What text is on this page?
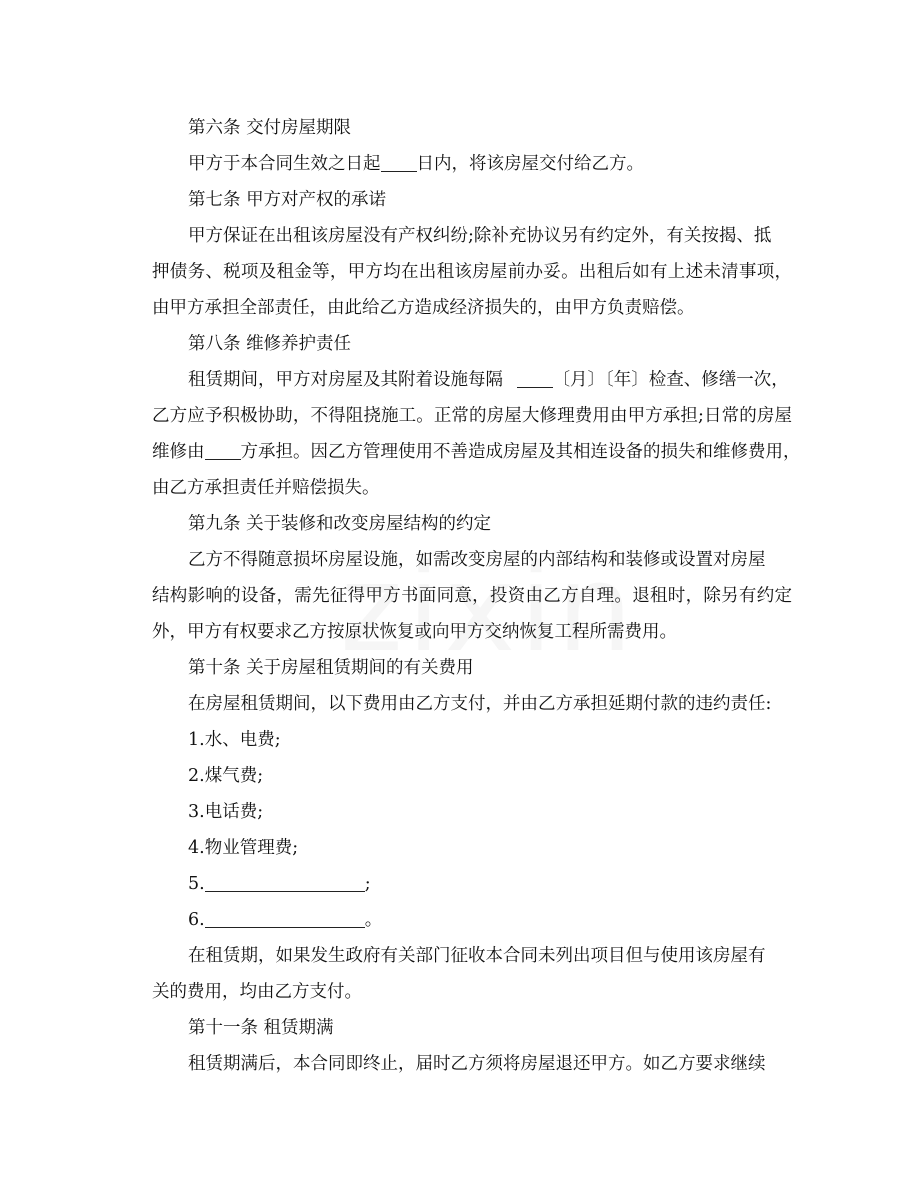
第六条 交付房屋期限
甲方于本合同生效之日起 日内，将该房屋交付给乙方。
第七条 甲方对产权的承诺
甲方保证在出租该房屋没有产权纠纷;除补充协议另有约定外，有关按揭、抵
押债务、税项及租金等，甲方均在出租该房屋前办妥。出租后如有上述未清事项，
由甲方承担全部责任，由此给乙方造成经济损失的，由甲方负责赔偿。
第八条 维修养护责任
租赁期间，甲方对房屋及其附着设施每隔	〔月〕〔年〕检查、修缮一次，
乙方应予积极协助，不得阻挠施工。正常的房屋大修理费用由甲方承担;日常的房屋
维修由 方承担。因乙方管理使用不善造成房屋及其相连设备的损失和维修费用，
由乙方承担责任并赔偿损失。
第九条 关于装修和改变房屋结构的约定
乙方不得随意损坏房屋设施，如需改变房屋的内部结构和装修或设置对房屋
结构影响的设备，需先征得甲方书面同意，投资由乙方自理。退租时，除另有约定
外，甲方有权要求乙方按原状恢复或向甲方交纳恢复工程所需费用。
第十条 关于房屋租赁期间的有关费用
在房屋租赁期间，以下费用由乙方支付，并由乙方承担延期付款的违约责任:
1.水、电费;
2.煤气费;
3.电话费;
4.物业管理费;
5.	;
6.	。
在租赁期，如果发生政府有关部门征收本合同未列出项目但与使用该房屋有
关的费用，均由乙方支付。
第十一条 租赁期满
租赁期满后，本合同即终止，届时乙方须将房屋退还甲方。如乙方要求继续
